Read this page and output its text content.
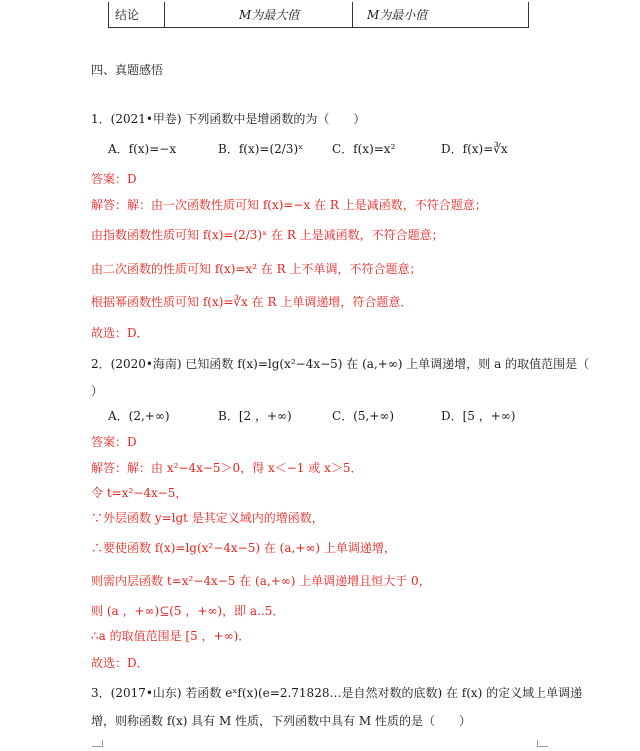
结论	M为最大值	M为最小值
四、真题感悟
1．(2021•甲卷) 下列函数中是增函数的为（　　）
A．f(x)=−x	B．f(x)=(2/3)ˣ C．f(x)=x²	D．f(x)=∛x
答案：D
解答：解：由一次函数性质可知 f(x)=−x 在 R 上是减函数，不符合题意；
由指数函数性质可知 f(x)=(2/3)ˣ 在 R 上是减函数，不符合题意；
由二次函数的性质可知 f(x)=x² 在 R 上不单调，不符合题意；
根据幂函数性质可知 f(x)=∛x 在 R 上单调递增，符合题意．
故选：D．
2．(2020•海南) 已知函数 f(x)=lg(x²−4x−5) 在 (a,+∞) 上单调递增，则 a 的取值范围是（
）
A．(2,+∞)	B．[2 ，+∞)	C．(5,+∞)	D．[5 ，+∞)
答案：D
解答：解：由 x²−4x−5＞0，得 x＜−1 或 x＞5．
令 t=x²−4x−5，
∵外层函数 y=lgt 是其定义域内的增函数，
∴要使函数 f(x)=lg(x²−4x−5) 在 (a,+∞) 上单调递增，
则需内层函数 t=x²−4x−5 在 (a,+∞) 上单调递增且恒大于 0，
则 (a ，+∞)⊆(5 ，+∞)，即 a..5．
∴a 的取值范围是 [5 ，+∞)．
故选：D．
3．(2017•山东) 若函数 eˣf(x)(e=2.71828…是自然对数的底数) 在 f(x) 的定义域上单调递
增，则称函数 f(x) 具有 M 性质，下列函数中具有 M 性质的是（　　）
